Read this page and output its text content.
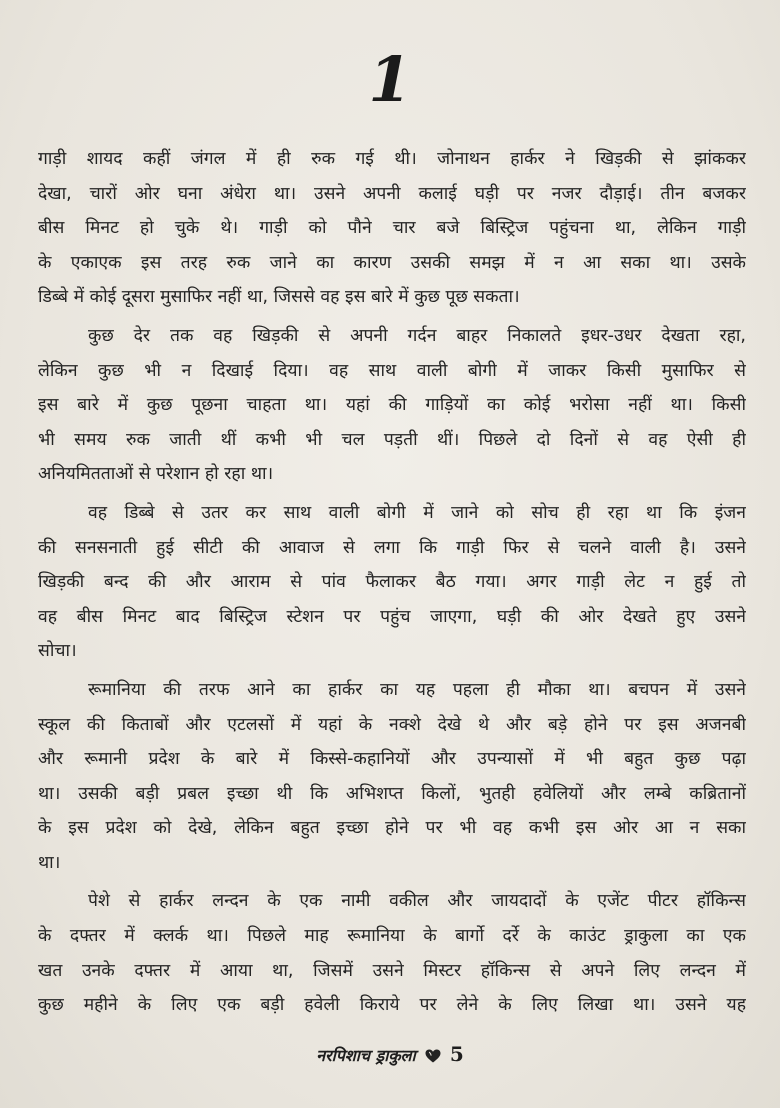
1
गाड़ी शायद कहीं जंगल में ही रुक गई थी। जोनाथन हार्कर ने खिड़की से झांककर
देखा, चारों ओर घना अंधेरा था। उसने अपनी कलाई घड़ी पर नजर दौड़ाई। तीन बजकर
बीस मिनट हो चुके थे। गाड़ी को पौने चार बजे बिस्ट्रिज पहुंचना था, लेकिन गाड़ी
के एकाएक इस तरह रुक जाने का कारण उसकी समझ में न आ सका था। उसके
डिब्बे में कोई दूसरा मुसाफिर नहीं था, जिससे वह इस बारे में कुछ पूछ सकता।
कुछ देर तक वह खिड़की से अपनी गर्दन बाहर निकालते इधर-उधर देखता रहा,
लेकिन कुछ भी न दिखाई दिया। वह साथ वाली बोगी में जाकर किसी मुसाफिर से
इस बारे में कुछ पूछना चाहता था। यहां की गाड़ियों का कोई भरोसा नहीं था। किसी
भी समय रुक जाती थीं कभी भी चल पड़ती थीं। पिछले दो दिनों से वह ऐसी ही
अनियमितताओं से परेशान हो रहा था।
वह डिब्बे से उतर कर साथ वाली बोगी में जाने को सोच ही रहा था कि इंजन
की सनसनाती हुई सीटी की आवाज से लगा कि गाड़ी फिर से चलने वाली है। उसने
खिड़की बन्द की और आराम से पांव फैलाकर बैठ गया। अगर गाड़ी लेट न हुई तो
वह बीस मिनट बाद बिस्ट्रिज स्टेशन पर पहुंच जाएगा, घड़ी की ओर देखते हुए उसने
सोचा।
रूमानिया की तरफ आने का हार्कर का यह पहला ही मौका था। बचपन में उसने
स्कूल की किताबों और एटलसों में यहां के नक्शे देखे थे और बड़े होने पर इस अजनबी
और रूमानी प्रदेश के बारे में किस्से-कहानियों और उपन्यासों में भी बहुत कुछ पढ़ा
था। उसकी बड़ी प्रबल इच्छा थी कि अभिशप्त किलों, भुतही हवेलियों और लम्बे कब्रितानों
के इस प्रदेश को देखे, लेकिन बहुत इच्छा होने पर भी वह कभी इस ओर आ न सका
था।
पेशे से हार्कर लन्दन के एक नामी वकील और जायदादों के एजेंट पीटर हॉकिन्स
के दफ्तर में क्लर्क था। पिछले माह रूमानिया के बार्गो दर्रे के काउंट ड्राकुला का एक
खत उनके दफ्तर में आया था, जिसमें उसने मिस्टर हॉकिन्स से अपने लिए लन्दन में
कुछ महीने के लिए एक बड़ी हवेली किराये पर लेने के लिए लिखा था। उसने यह
नरपिशाच ड्राकुला 5
